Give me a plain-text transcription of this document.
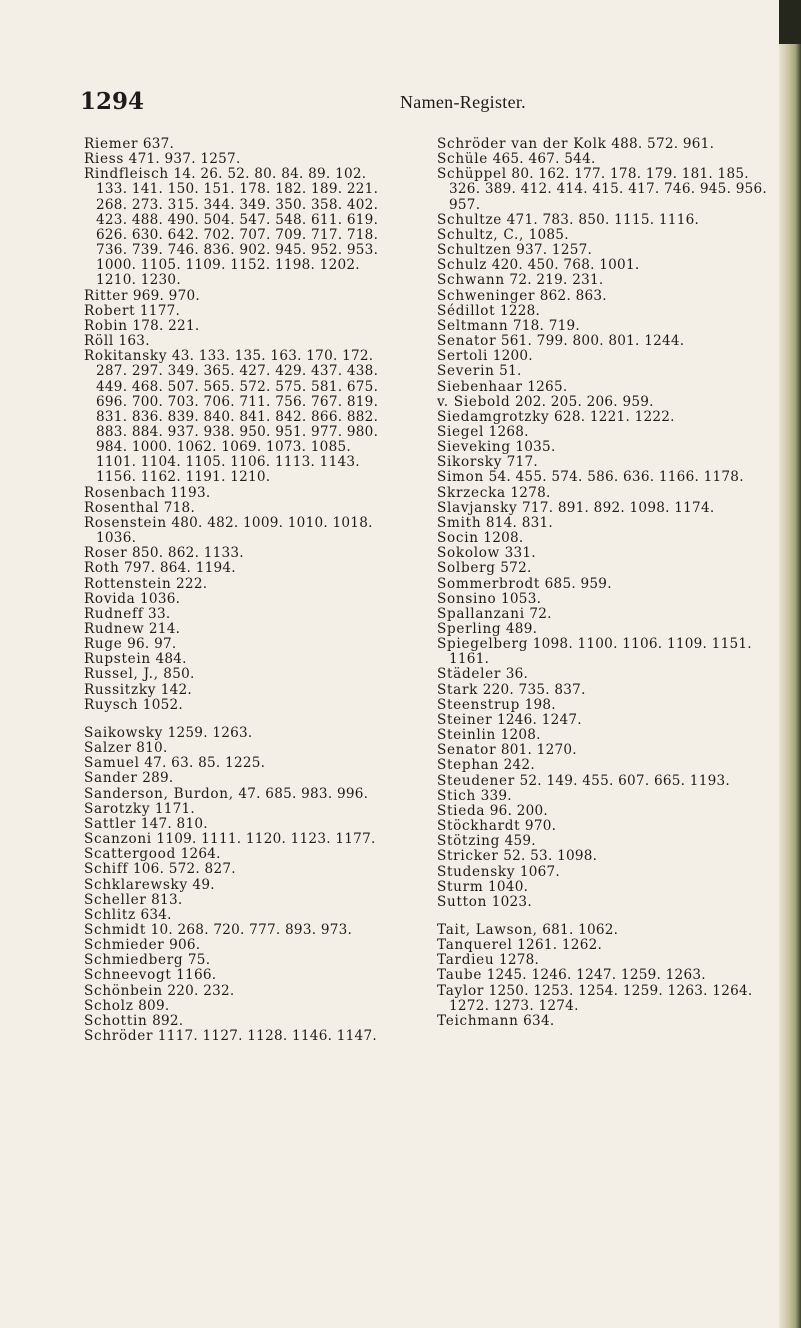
1294	Namen-Register.
Riemer 637.
Riess 471. 937. 1257.
Rindfleisch 14. 26. 52. 80. 84. 89. 102. 133. 141. 150. 151. 178. 182. 189. 221. 268. 273. 315. 344. 349. 350. 358. 402. 423. 488. 490. 504. 547. 548. 611. 619. 626. 630. 642. 702. 707. 709. 717. 718. 736. 739. 746. 836. 902. 945. 952. 953. 1000. 1105. 1109. 1152. 1198. 1202. 1210. 1230.
Ritter 969. 970.
Robert 1177.
Robin 178. 221.
Röll 163.
Rokitansky 43. 133. 135. 163. 170. 172. 287. 297. 349. 365. 427. 429. 437. 438. 449. 468. 507. 565. 572. 575. 581. 675. 696. 700. 703. 706. 711. 756. 767. 819. 831. 836. 839. 840. 841. 842. 866. 882. 883. 884. 937. 938. 950. 951. 977. 980. 984. 1000. 1062. 1069. 1073. 1085. 1101. 1104. 1105. 1106. 1113. 1143. 1156. 1162. 1191. 1210.
Rosenbach 1193.
Rosenthal 718.
Rosenstein 480. 482. 1009. 1010. 1018. 1036.
Roser 850. 862. 1133.
Roth 797. 864. 1194.
Rottenstein 222.
Rovida 1036.
Rudneff 33.
Rudnew 214.
Ruge 96. 97.
Rupstein 484.
Russel, J., 850.
Russitzky 142.
Ruysch 1052.
Saikowsky 1259. 1263.
Salzer 810.
Samuel 47. 63. 85. 1225.
Sander 289.
Sanderson, Burdon, 47. 685. 983. 996.
Sarotzky 1171.
Sattler 147. 810.
Scanzoni 1109. 1111. 1120. 1123. 1177.
Scattergood 1264.
Schiff 106. 572. 827.
Schklarewsky 49.
Scheller 813.
Schlitz 634.
Schmidt 10. 268. 720. 777. 893. 973.
Schmieder 906.
Schmiedberg 75.
Schneevogt 1166.
Schönbein 220. 232.
Scholz 809.
Schottin 892.
Schröder 1117. 1127. 1128. 1146. 1147.
Schröder van der Kolk 488. 572. 961.
Schüle 465. 467. 544.
Schüppel 80. 162. 177. 178. 179. 181. 185. 326. 389. 412. 414. 415. 417. 746. 945. 956. 957.
Schultze 471. 783. 850. 1115. 1116.
Schultz, C., 1085.
Schultzen 937. 1257.
Schulz 420. 450. 768. 1001.
Schwann 72. 219. 231.
Schweninger 862. 863.
Sédillot 1228.
Seltmann 718. 719.
Senator 561. 799. 800. 801. 1244.
Sertoli 1200.
Severin 51.
Siebenhaar 1265.
v. Siebold 202. 205. 206. 959.
Siedamgrotzky 628. 1221. 1222.
Siegel 1268.
Sieveking 1035.
Sikorsky 717.
Simon 54. 455. 574. 586. 636. 1166. 1178.
Skrzecka 1278.
Slavjansky 717. 891. 892. 1098. 1174.
Smith 814. 831.
Socin 1208.
Sokolow 331.
Solberg 572.
Sommerbrodt 685. 959.
Sonsino 1053.
Spallanzani 72.
Sperling 489.
Spiegelberg 1098. 1100. 1106. 1109. 1151. 1161.
Städeler 36.
Stark 220. 735. 837.
Steenstrup 198.
Steiner 1246. 1247.
Steinlin 1208.
Senator 801. 1270.
Stephan 242.
Steudener 52. 149. 455. 607. 665. 1193.
Stich 339.
Stieda 96. 200.
Stöckhardt 970.
Stötzing 459.
Stricker 52. 53. 1098.
Studensky 1067.
Sturm 1040.
Sutton 1023.
Tait, Lawson, 681. 1062.
Tanquerel 1261. 1262.
Tardieu 1278.
Taube 1245. 1246. 1247. 1259. 1263.
Taylor 1250. 1253. 1254. 1259. 1263. 1264. 1272. 1273. 1274.
Teichmann 634.
